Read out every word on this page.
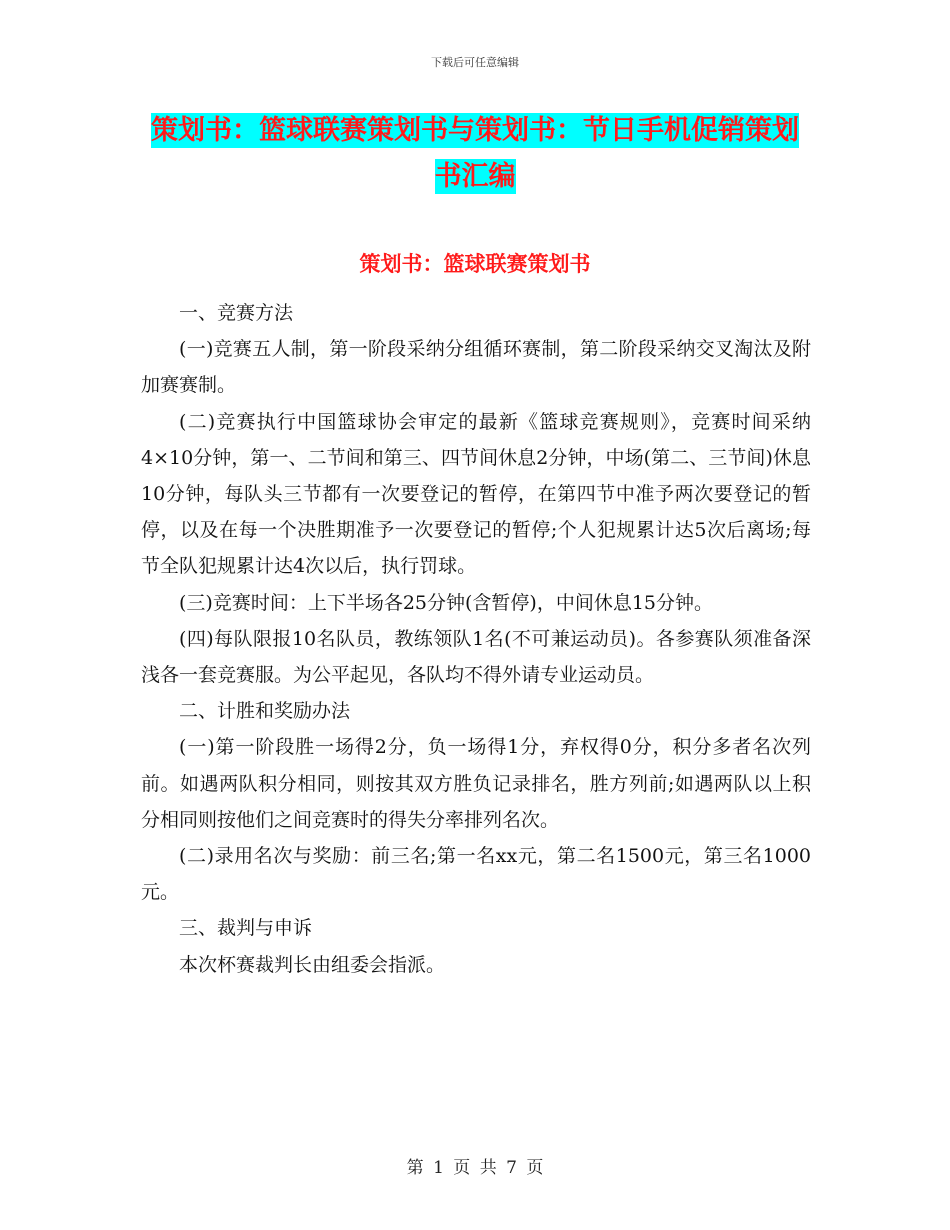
下载后可任意编辑
策划书：篮球联赛策划书与策划书：节日手机促销策划书汇编
策划书：篮球联赛策划书

一、竞赛方法

(一)竞赛五人制，第一阶段采纳分组循环赛制，第二阶段采纳交叉淘汰及附加赛赛制。

(二)竞赛执行中国篮球协会审定的最新《篮球竞赛规则》，竞赛时间采纳4×10分钟，第一、二节间和第三、四节间休息2分钟，中场(第二、三节间)休息10分钟，每队头三节都有一次要登记的暂停，在第四节中准予两次要登记的暂停，以及在每一个决胜期准予一次要登记的暂停;个人犯规累计达5次后离场;每节全队犯规累计达4次以后，执行罚球。

(三)竞赛时间：上下半场各25分钟(含暂停)，中间休息15分钟。

(四)每队限报10名队员，教练领队1名(不可兼运动员)。各参赛队须准备深浅各一套竞赛服。为公平起见，各队均不得外请专业运动员。

二、计胜和奖励办法

(一)第一阶段胜一场得2分，负一场得1分，弃权得0分，积分多者名次列前。如遇两队积分相同，则按其双方胜负记录排名，胜方列前;如遇两队以上积分相同则按他们之间竞赛时的得失分率排列名次。

(二)录用名次与奖励：前三名;第一名xx元，第二名1500元，第三名1000元。

三、裁判与申诉

本次杯赛裁判长由组委会指派。

第 1 页 共 7 页
